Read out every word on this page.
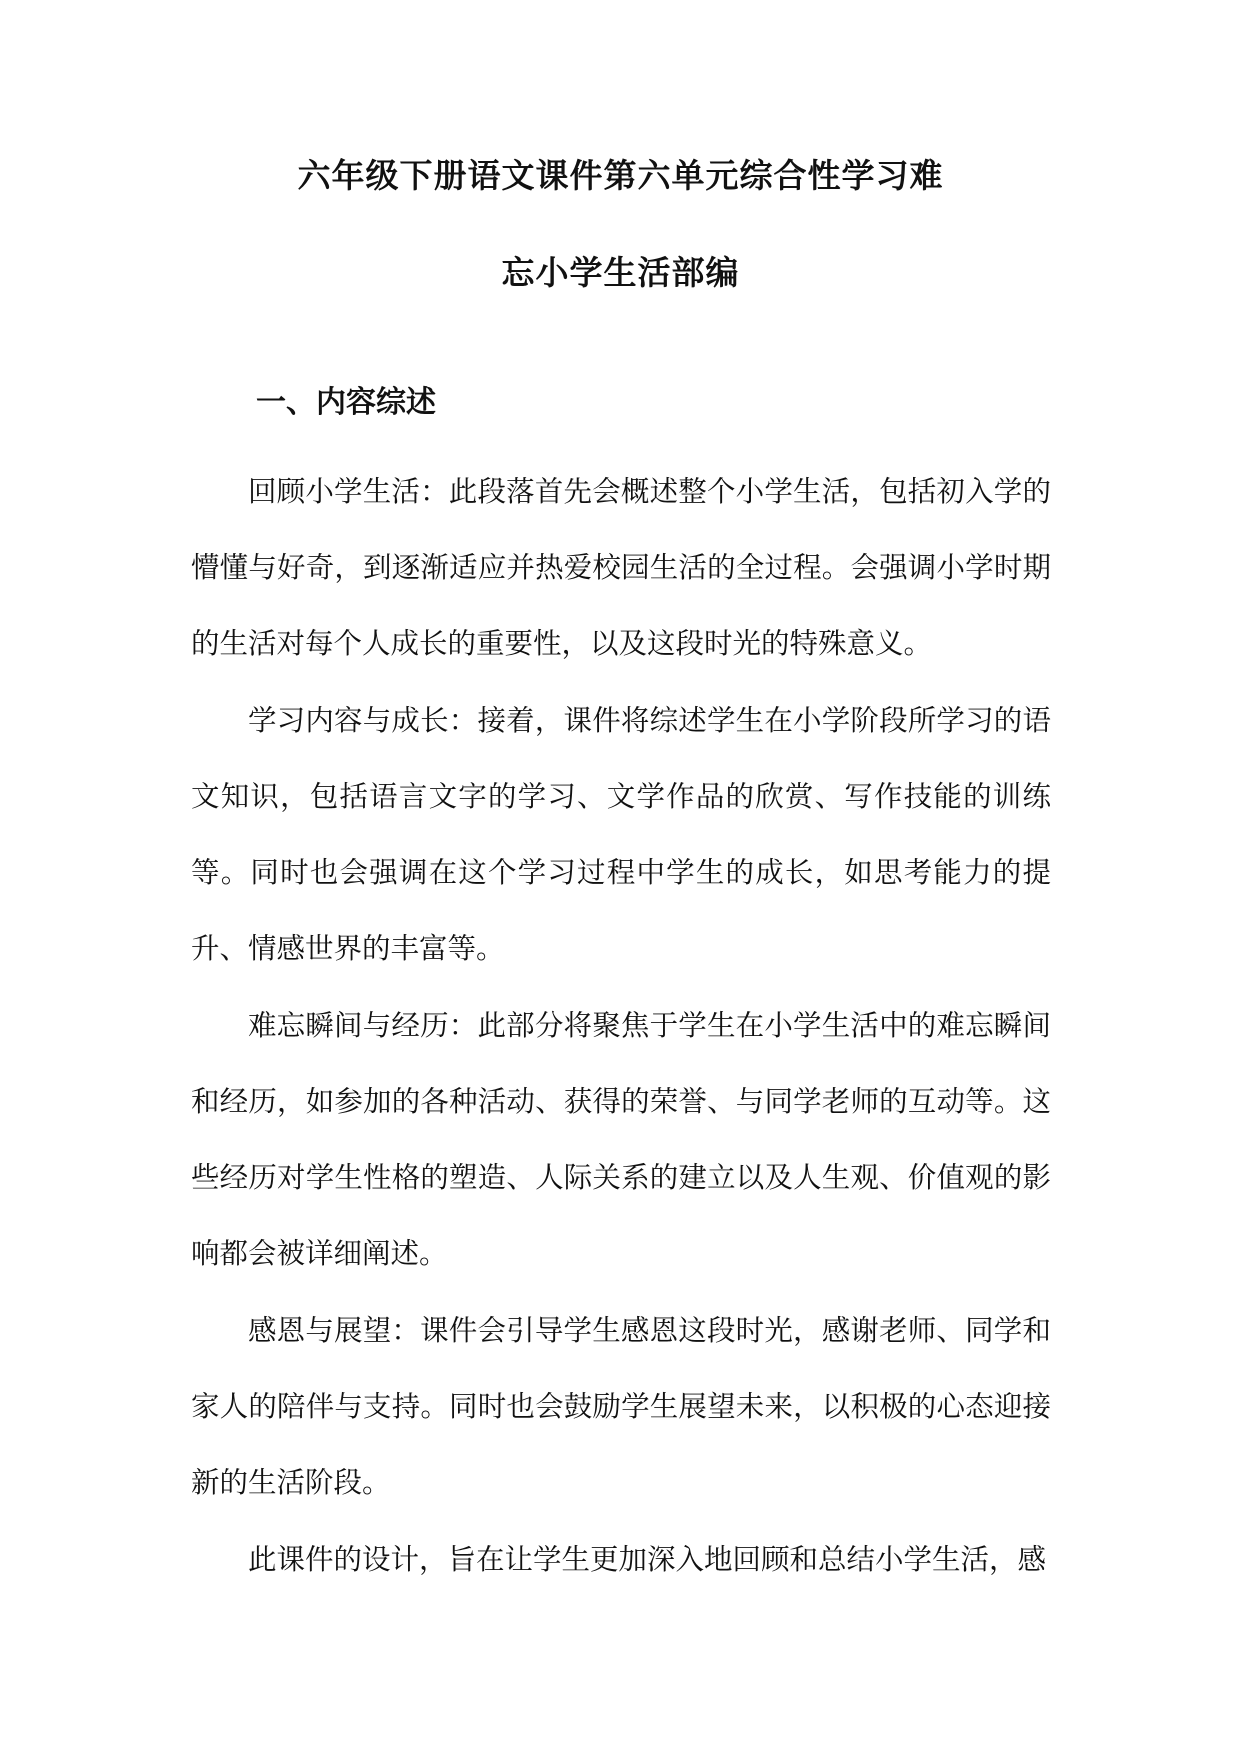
六年级下册语文课件第六单元综合性学习难
忘小学生活部编
一、内容综述

回顾小学生活：此段落首先会概述整个小学生活，包括初入学的懵懂与好奇，到逐渐适应并热爱校园生活的全过程。会强调小学时期的生活对每个人成长的重要性，以及这段时光的特殊意义。

学习内容与成长：接着，课件将综述学生在小学阶段所学习的语文知识，包括语言文字的学习、文学作品的欣赏、写作技能的训练等。同时也会强调在这个学习过程中学生的成长，如思考能力的提升、情感世界的丰富等。

难忘瞬间与经历：此部分将聚焦于学生在小学生活中的难忘瞬间和经历，如参加的各种活动、获得的荣誉、与同学老师的互动等。这些经历对学生性格的塑造、人际关系的建立以及人生观、价值观的影响都会被详细阐述。

感恩与展望：课件会引导学生感恩这段时光，感谢老师、同学和家人的陪伴与支持。同时也会鼓励学生展望未来，以积极的心态迎接新的生活阶段。

此课件的设计，旨在让学生更加深入地回顾和总结小学生活，感
